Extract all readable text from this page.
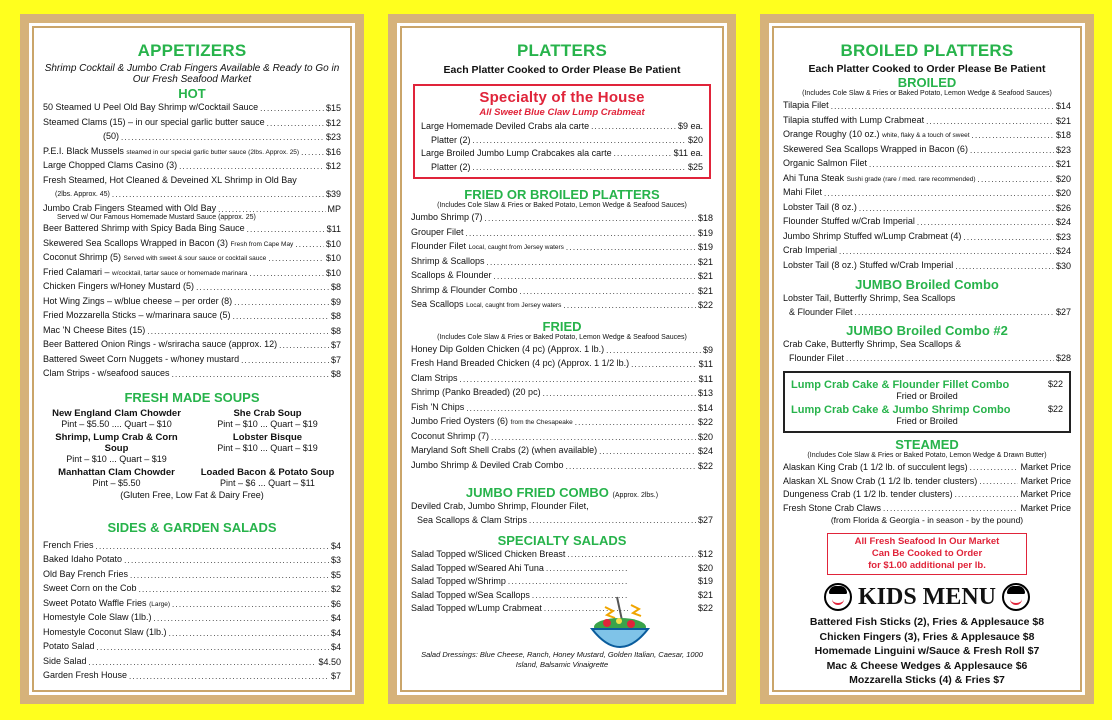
APPETIZERS
Shrimp Cocktail & Jumbo Crab Fingers Available & Ready to Go in Our Fresh Seafood Market
HOT
50 Steamed U Peel Old Bay Shrimp w/Cocktail Sauce . . .	$15
Steamed Clams (15) – in our special garlic butter sauce . . .	$12
(50) . . .	$23
P.E.I. Black Mussels steamed in our special garlic butter sauce (2lbs. Approx. 25) . . .	$16
Large Chopped Clams Casino (3) . . .	$12
Fresh Steamed, Hot Cleaned & Deveined XL Shrimp in Old Bay
(2lbs. Approx. 45) . . .	$39
Jumbo Crab Fingers Steamed with Old Bay . . .	MP
Served w/ Our Famous Homemade Mustard Sauce (approx. 25)
Beer Battered Shrimp with Spicy Bada Bing Sauce . . .	$11
Skewered Sea Scallops Wrapped in Bacon (3) Fresh from Cape May . . .	$10
Coconut Shrimp (5) Served with sweet & sour sauce or cocktail sauce . . .	$10
Fried Calamari – w/cocktail, tartar sauce or homemade marinara . . .	$10
Chicken Fingers w/Honey Mustard (5) . . .	$8
Hot Wing Zings – w/blue cheese – per order (8) . . .	$9
Fried Mozzarella Sticks – w/marinara sauce (5) . . .	$8
Mac 'N Cheese Bites (15) . . .	$8
Beer Battered Onion Rings - w/sriracha sauce (approx. 12) . . .	$7
Battered Sweet Corn Nuggets - w/honey mustard . . .	$7
Clam Strips - w/seafood sauces . . .	$8
FRESH MADE SOUPS
New England Clam Chowder
Pint – $5.50 .... Quart – $10
She Crab Soup
Pint – $10 ... Quart – $19
Shrimp, Lump Crab & Corn Soup
Pint – $10 ... Quart – $19
Lobster Bisque
Pint – $10 ... Quart – $19
Manhattan Clam Chowder
Pint – $5.50
Loaded Bacon & Potato Soup
Pint – $6 ... Quart – $11
(Gluten Free, Low Fat & Dairy Free)
SIDES & GARDEN SALADS
French Fries . . .	$4
Baked Idaho Potato . . .	$3
Old Bay French Fries . . .	$5
Sweet Corn on the Cob . . .	$2
Sweet Potato Waffle Fries (Large) . . .	$6
Homestyle Cole Slaw (1lb.) . . .	$4
Homestyle Coconut Slaw (1lb.) . . .	$4
Potato Salad . . .	$4
Side Salad . . .	$4.50
Garden Fresh House . . .	$7
PLATTERS
Each Platter Cooked to Order Please Be Patient
Specialty of the House
All Sweet Blue Claw Lump Crabmeat
Large Homemade Deviled Crabs ala carte . . .	$9 ea.
Platter (2) . . .	$20
Large Broiled Jumbo Lump Crabcakes ala carte . . .	$11 ea.
Platter (2) . . .	$25
FRIED OR BROILED PLATTERS
(Includes Cole Slaw & Fries or Baked Potato, Lemon Wedge & Seafood Sauces)
Jumbo Shrimp (7) . . .	$18
Grouper Filet . . .	$19
Flounder Filet Local, caught from Jersey waters . . .	$19
Shrimp & Scallops . . .	$21
Scallops & Flounder . . .	$21
Shrimp & Flounder Combo . . .	$21
Sea Scallops Local, caught from Jersey waters . . .	$22
FRIED
(Includes Cole Slaw & Fries or Baked Potato, Lemon Wedge & Seafood Sauces)
Honey Dip Golden Chicken (4 pc) (Approx. 1 lb.) . . .	$9
Fresh Hand Breaded Chicken (4 pc) (Approx. 1 1/2 lb.) . . .	$11
Clam Strips . . .	$11
Shrimp (Panko Breaded) (20 pc) . . .	$13
Fish 'N Chips . . .	$14
Jumbo Fried Oysters (6) from the Chesapeake . . .	$22
Coconut Shrimp (7) . . .	$20
Maryland Soft Shell Crabs (2) (when available) . . .	$24
Jumbo Shrimp & Deviled Crab Combo . . .	$22
JUMBO FRIED COMBO (Approx. 2lbs.)
Deviled Crab, Jumbo Shrimp, Flounder Filet,
Sea Scallops & Clam Strips . . .	$27
SPECIALTY SALADS
Salad Topped w/Sliced Chicken Breast . . .	$12
Salad Topped w/Seared Ahi Tuna . . .	$20
Salad Topped w/Shrimp . . .	$19
Salad Topped w/Sea Scallops . . .	$21
Salad Topped w/Lump Crabmeat . . .	$22
Salad Dressings: Blue Cheese, Ranch, Honey Mustard, Golden Italian, Caesar, 1000 Island, Balsamic Vinaigrette
BROILED PLATTERS
Each Platter Cooked to Order Please Be Patient
BROILED
(Includes Cole Slaw & Fries or Baked Potato, Lemon Wedge & Seafood Sauces)
Tilapia Filet . . .	$14
Tilapia stuffed with Lump Crabmeat . . .	$21
Orange Roughy (10 oz.) white, flaky & a touch of sweet . . .	$18
Skewered Sea Scallops Wrapped in Bacon (6) . . .	$23
Organic Salmon Filet . . .	$21
Ahi Tuna Steak Sushi grade (rare / med. rare recommended) . . .	$20
Mahi Filet . . .	$20
Lobster Tail (8 oz.) . . .	$26
Flounder Stuffed w/Crab Imperial . . .	$24
Jumbo Shrimp Stuffed w/Lump Crabmeat (4) . . .	$23
Crab Imperial . . .	$24
Lobster Tail (8 oz.) Stuffed w/Crab Imperial . . .	$30
JUMBO Broiled Combo
Lobster Tail, Butterfly Shrimp, Sea Scallops
& Flounder Filet . . .	$27
JUMBO Broiled Combo #2
Crab Cake, Butterfly Shrimp, Sea Scallops &
Flounder Filet . . .	$28
Lump Crab Cake & Flounder Fillet Combo	$22
Fried or Broiled
Lump Crab Cake & Jumbo Shrimp Combo	$22
Fried or Broiled
STEAMED
(Includes Cole Slaw & Fries or Baked Potato, Lemon Wedge & Drawn Butter)
Alaskan King Crab (1 1/2 lb. of succulent legs) . . .	Market Price
Alaskan XL Snow Crab (1 1/2 lb. tender clusters) . . .	Market Price
Dungeness Crab (1 1/2 lb. tender clusters) . . .	Market Price
Fresh Stone Crab Claws . . .	Market Price
(from Florida & Georgia - in season - by the pound)
All Fresh Seafood In Our Market
Can Be Cooked to Order
for $1.00 additional per lb.
KIDS MENU
Battered Fish Sticks (2), Fries & Applesauce $8
Chicken Fingers (3), Fries & Applesauce $8
Homemade Linguini w/Sauce & Fresh Roll $7
Mac & Cheese Wedges & Applesauce $6
Mozzarella Sticks (4) & Fries $7
